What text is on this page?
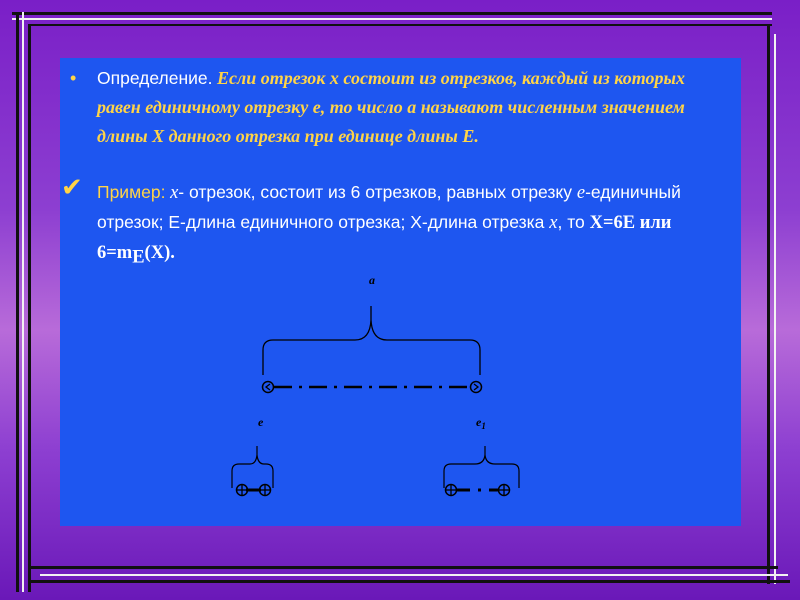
• Определение. Если отрезок x состоит из отрезков, каждый из которых равен единичному отрезку e, то число a называют численным значением длины X данного отрезка при единице длины E.
✔ Пример: x- отрезок, состоит из 6 отрезков, равных отрезку e-единичный отрезок; E-длина единичного отрезка; X-длина отрезка x, то X=6E или $6=m_E(X)$.
a
e	$e_1$
